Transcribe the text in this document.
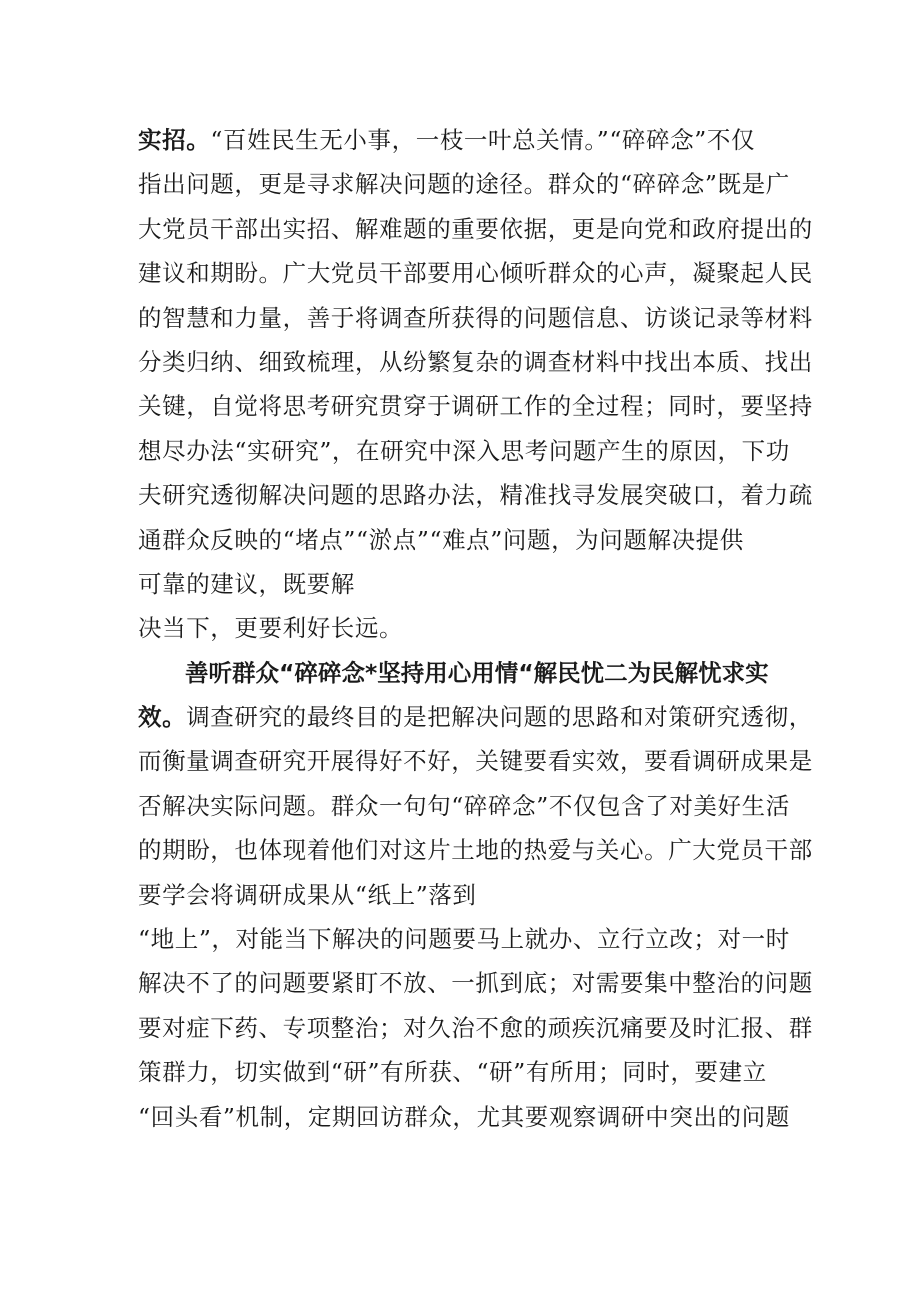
实招。“百姓民生无小事，一枝一叶总关情。”“碎碎念”不仅
指出问题，更是寻求解决问题的途径。群众的“碎碎念”既是广
大党员干部出实招、解难题的重要依据，更是向党和政府提出的
建议和期盼。广大党员干部要用心倾听群众的心声，凝聚起人民
的智慧和力量，善于将调查所获得的问题信息、访谈记录等材料
分类归纳、细致梳理，从纷繁复杂的调查材料中找出本质、找出
关键，自觉将思考研究贯穿于调研工作的全过程；同时，要坚持
想尽办法“实研究”，在研究中深入思考问题产生的原因，下功
夫研究透彻解决问题的思路办法，精准找寻发展突破口，着力疏
通群众反映的“堵点”“淤点”“难点”问题，为问题解决提供
可靠的建议，既要解
决当下，更要利好长远。
善听群众“碎碎念*坚持用心用情“解民忧二为民解忧求实
效。调查研究的最终目的是把解决问题的思路和对策研究透彻，
而衡量调查研究开展得好不好，关键要看实效，要看调研成果是
否解决实际问题。群众一句句“碎碎念”不仅包含了对美好生活
的期盼，也体现着他们对这片土地的热爱与关心。广大党员干部
要学会将调研成果从“纸上”落到
“地上”，对能当下解决的问题要马上就办、立行立改；对一时
解决不了的问题要紧盯不放、一抓到底；对需要集中整治的问题
要对症下药、专项整治；对久治不愈的顽疾沉痛要及时汇报、群
策群力，切实做到“研”有所获、“研”有所用；同时，要建立
“回头看”机制，定期回访群众，尤其要观察调研中突出的问题
